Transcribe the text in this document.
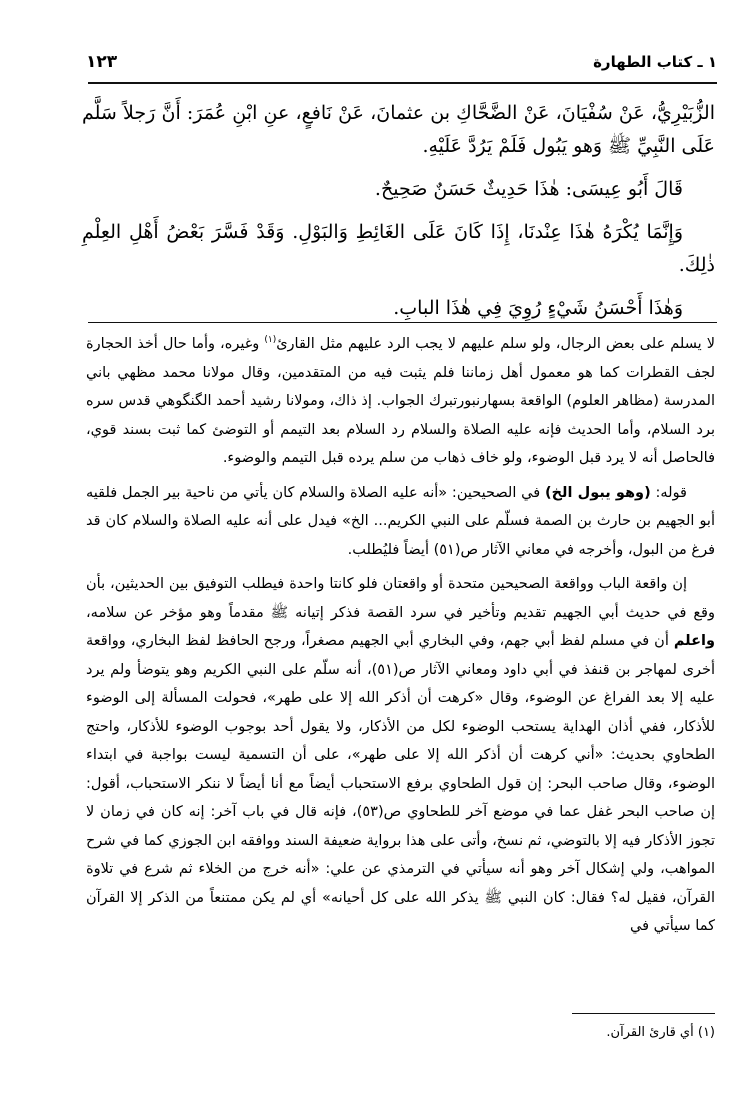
١ ـ كتاب الطهارة
١٢٣

الزُّبَيْرِيُّ، عَنْ سُفْيَانَ، عَنْ الضَّحَّاكِ بن عثمانَ، عَنْ نَافعٍ، عنِ ابْنِ عُمَرَ: أَنَّ رَجلاً سَلَّم عَلَى النَّبِيِّ ﷺ وَهو يَبُول فَلَمْ يَرُدَّ عَلَيْهِ.

قَالَ أَبُو عِيسَى: هٰذَا حَدِيثٌ حَسَنٌ صَحِيحٌ.

وَإِنَّمَا يُكْرَهُ هٰذَا عِنْدنَا، إِذَا كَانَ عَلَى الغَائِطِ وَالبَوْلِ. وَقَدْ فَسَّرَ بَعْضُ أَهْلِ العِلْمِ ذٰلِكَ.

وَهٰذَا أَحْسَنُ شَيْءٍ رُوِيَ فِي هٰذَا البابِ.

لا يسلم على بعض الرجال، ولو سلم عليهم لا يجب الرد عليهم مثل القارئ$^{(١)}$ وغيره، وأما حال أخذ الحجارة لجف القطرات كما هو معمول أهل زماننا فلم يثبت فيه من المتقدمين، وقال مولانا محمد مظهي باني المدرسة (مظاهر العلوم) الواقعة بسهارنبورتبرك الجواب. إذ ذاك، ومولانا رشيد أحمد الگنگوهي قدس سره برد السلام، وأما الحديث فإنه عليه الصلاة والسلام رد السلام بعد التيمم أو التوضئ كما ثبت بسند قوي، فالحاصل أنه لا يرد قبل الوضوء، ولو خاف ذهاب من سلم يرده قبل التيمم والوضوء.

قوله: (وهو يبول الخ) في الصحيحين: «أنه عليه الصلاة والسلام كان يأتي من ناحية بير الجمل فلقيه أبو الجهيم بن حارث بن الصمة فسلّم على النبي الكريم... الخ» فيدل على أنه عليه الصلاة والسلام كان قد فرغ من البول، وأخرجه في معاني الآثار ص(٥١) أيضاً فليُطلب.

إن واقعة الباب وواقعة الصحيحين متحدة أو واقعتان فلو كانتا واحدة فيطلب التوفيق بين الحديثين، بأن وقع في حديث أبي الجهيم تقديم وتأخير في سرد القصة فذكر إتيانه ﷺ مقدماً وهو مؤخر عن سلامه، واعلم أن في مسلم لفظ أبي جهم، وفي البخاري أبي الجهيم مصغراً، ورجح الحافظ لفظ البخاري، وواقعة أخرى لمهاجر بن قنفذ في أبي داود ومعاني الآثار ص(٥١)، أنه سلّم على النبي الكريم وهو يتوضأ ولم يرد عليه إلا بعد الفراغ عن الوضوء، وقال «كرهت أن أذكر الله إلا على طهر»، فحولت المسألة إلى الوضوء للأذكار، ففي أذان الهداية يستحب الوضوء لكل من الأذكار، ولا يقول أحد بوجوب الوضوء للأذكار، واحتج الطحاوي بحديث: «أني كرهت أن أذكر الله إلا على طهر»، على أن التسمية ليست بواجبة في ابتداء الوضوء، وقال صاحب البحر: إن قول الطحاوي برفع الاستحباب أيضاً مع أنا أيضاً لا ننكر الاستحباب، أقول: إن صاحب البحر غفل عما في موضع آخر للطحاوي ص(٥٣)، فإنه قال في باب آخر: إنه كان في زمان لا تجوز الأذكار فيه إلا بالتوضي، ثم نسخ، وأتى على هذا برواية ضعيفة السند ووافقه ابن الجوزي كما في شرح المواهب، ولي إشكال آخر وهو أنه سيأتي في الترمذي عن علي: «أنه خرج من الخلاء ثم شرع في تلاوة القرآن، فقيل له؟ فقال: كان النبي ﷺ يذكر الله على كل أحيانه» أي لم يكن ممتنعاً من الذكر إلا القرآن كما سيأتي في

(١) أي قارئ القرآن.
